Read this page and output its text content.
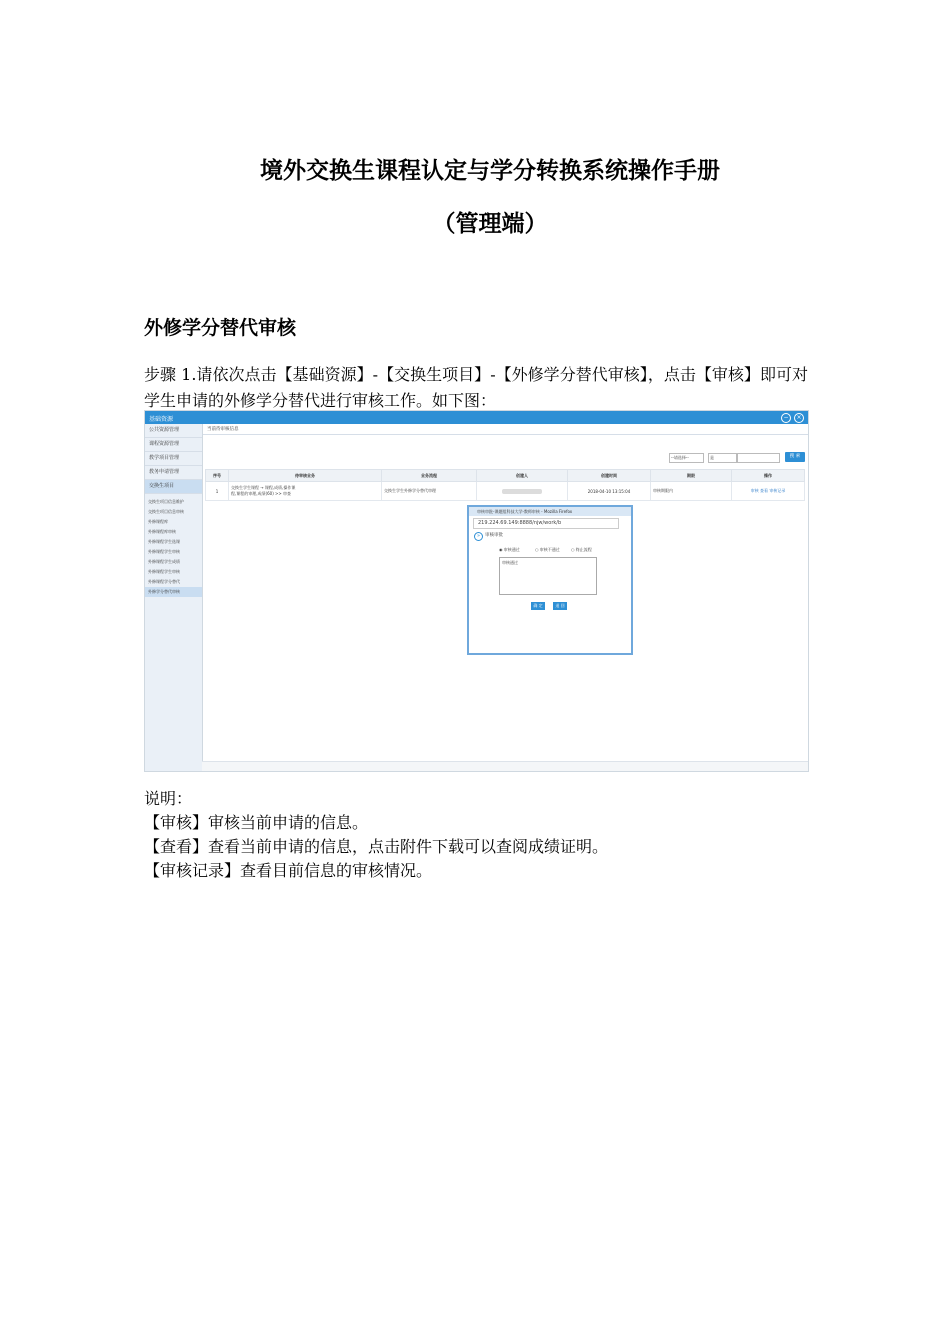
境外交换生课程认定与学分转换系统操作手册
（管理端）
外修学分替代审核
步骤 1.请依次点击【基础资源】-【交换生项目】-【外修学分替代审核】，点击【审核】即可对学生申请的外修学分替代进行审核工作。如下图：
基础资源	−	×
公共资源管理
课程资源管理
教学项目管理
教务申请管理
交换生项目
交换生项目信息维护
交换生项目信息审核
外修课程库
外修课程库审核
外修课程学生选课
外修课程学生审核
外修课程学生成绩
外修课程学生审核
外修课程学分替代
外修学分替代审核
当前待审核信息
--请选择--	是	搜 索
序号	待审核业务	业务流程	创建人	创建时间	期限	操作
1	交换生学生课程 → 课程,成绩,操作课
程,课程的审理,成绩(60) >> 审查	交换生学生外修学分替代审理		2018-04-10 13:15:04	审核期限内	审核 查看 审核记录
审核审批-课题组科技大学-教师审核 - Mozilla Firefox
219.224.69.149:8888/njw/work/b
»	审核审批
◉ 审核通过	○ 审核不通过	○ 终止流程
审核通过
确 定	退 回

说明：
【审核】审核当前申请的信息。
【查看】查看当前申请的信息，点击附件下载可以查阅成绩证明。
【审核记录】查看目前信息的审核情况。
